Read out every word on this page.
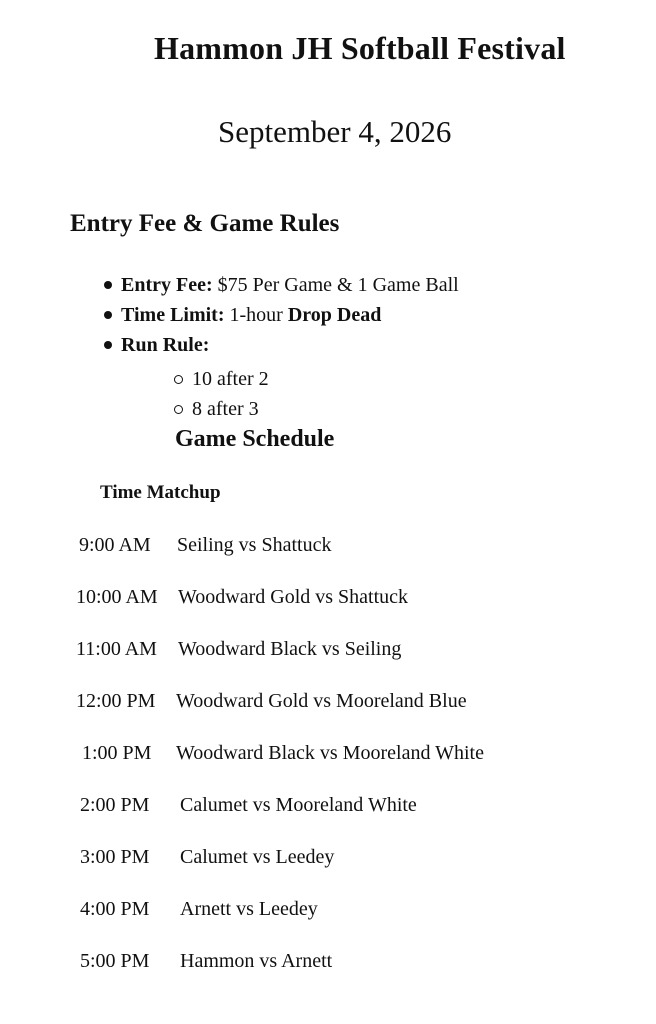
Hammon JH Softball Festival
September 4, 2026
Entry Fee & Game Rules
Entry Fee: $75 Per Game & 1 Game Ball
Time Limit: 1-hour Drop Dead
Run Rule:
10 after 2
8 after 3
Game Schedule
Time Matchup
9:00 AM Seiling vs Shattuck
10:00 AM Woodward Gold vs Shattuck
11:00 AM Woodward Black vs Seiling
12:00 PM Woodward Gold vs Mooreland Blue
1:00 PM Woodward Black vs Mooreland White
2:00 PM Calumet vs Mooreland White
3:00 PM Calumet vs Leedey
4:00 PM Arnett vs Leedey
5:00 PM Hammon vs Arnett
